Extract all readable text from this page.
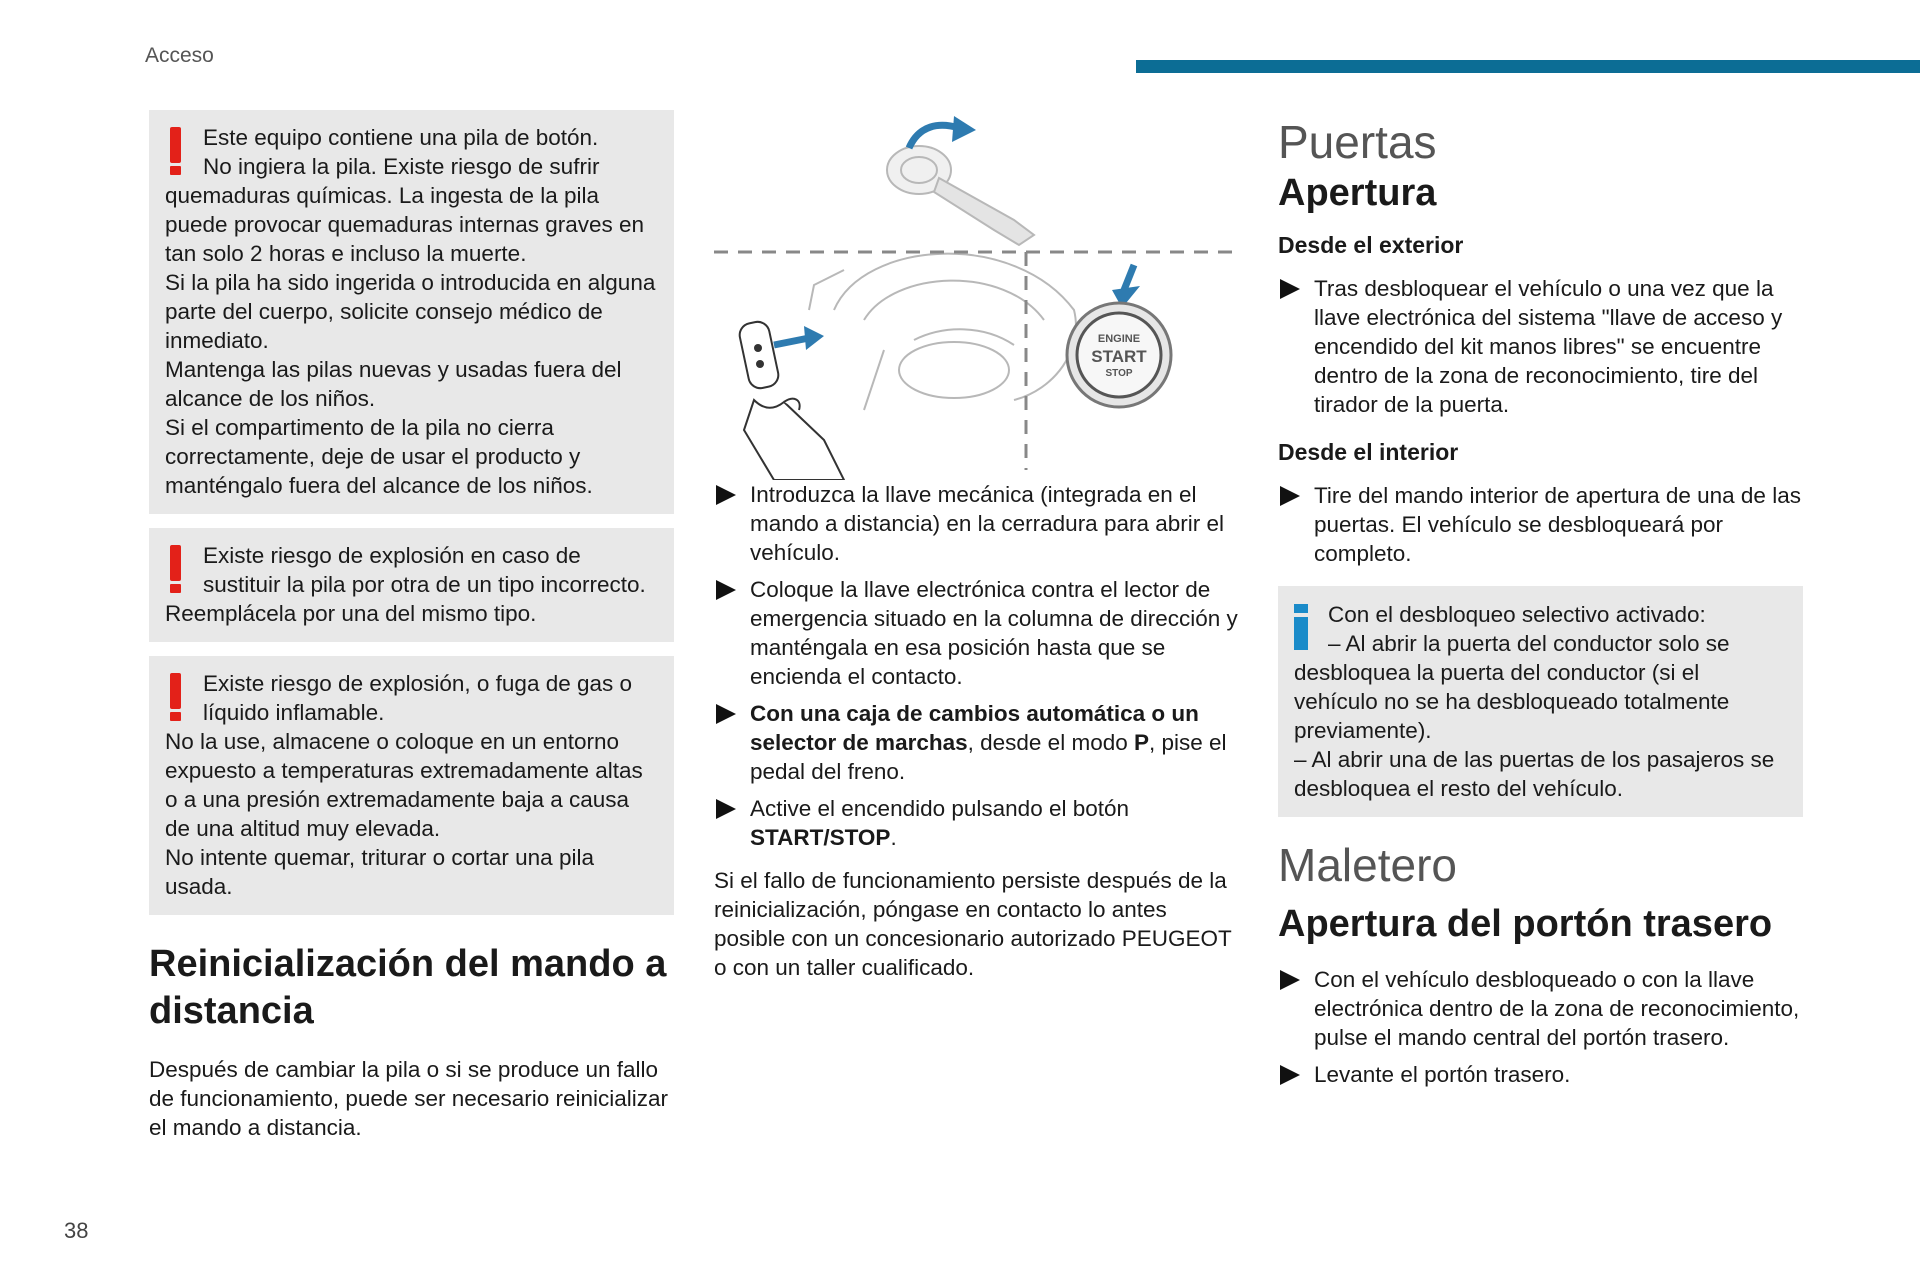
Acceso

Este equipo contiene una pila de botón.

No ingiera la pila. Existe riesgo de sufrir quemaduras químicas. La ingesta de la pila puede provocar quemaduras internas graves en tan solo 2 horas e incluso la muerte.

Si la pila ha sido ingerida o introducida en alguna parte del cuerpo, solicite consejo médico de inmediato.

Mantenga las pilas nuevas y usadas fuera del alcance de los niños.

Si el compartimento de la pila no cierra correctamente, deje de usar el producto y manténgalo fuera del alcance de los niños.

Existe riesgo de explosión en caso de sustituir la pila por otra de un tipo incorrecto. Reemplácela por una del mismo tipo.

Existe riesgo de explosión, o fuga de gas o líquido inflamable.

No la use, almacene o coloque en un entorno expuesto a temperaturas extremadamente altas o a una presión extremadamente baja a causa de una altitud muy elevada.

No intente quemar, triturar o cortar una pila usada.

Reinicialización del mando a distancia

Después de cambiar la pila o si se produce un fallo de funcionamiento, puede ser necesario reinicializar el mando a distancia.

ENGINE
START
STOP
Introduzca la llave mecánica (integrada en el mando a distancia) en la cerradura para abrir el vehículo.
Coloque la llave electrónica contra el lector de emergencia situado en la columna de dirección y manténgala en esa posición hasta que se encienda el contacto.
Con una caja de cambios automática o un selector de marchas, desde el modo P, pise el pedal del freno.
Active el encendido pulsando el botón START/STOP.

Si el fallo de funcionamiento persiste después de la reinicialización, póngase en contacto lo antes posible con un concesionario autorizado PEUGEOT o con un taller cualificado.

Puertas
Apertura
Desde el exterior
Tras desbloquear el vehículo o una vez que la llave electrónica del sistema "llave de acceso y encendido del kit manos libres" se encuentre dentro de la zona de reconocimiento, tire del tirador de la puerta.
Desde el interior
Tire del mando interior de apertura de una de las puertas. El vehículo se desbloqueará por completo.

Con el desbloqueo selectivo activado:

– Al abrir la puerta del conductor solo se desbloquea la puerta del conductor (si el vehículo no se ha desbloqueado totalmente previamente).

– Al abrir una de las puertas de los pasajeros se desbloquea el resto del vehículo.

Maletero
Apertura del portón trasero
Con el vehículo desbloqueado o con la llave electrónica dentro de la zona de reconocimiento, pulse el mando central del portón trasero.
Levante el portón trasero.
38
